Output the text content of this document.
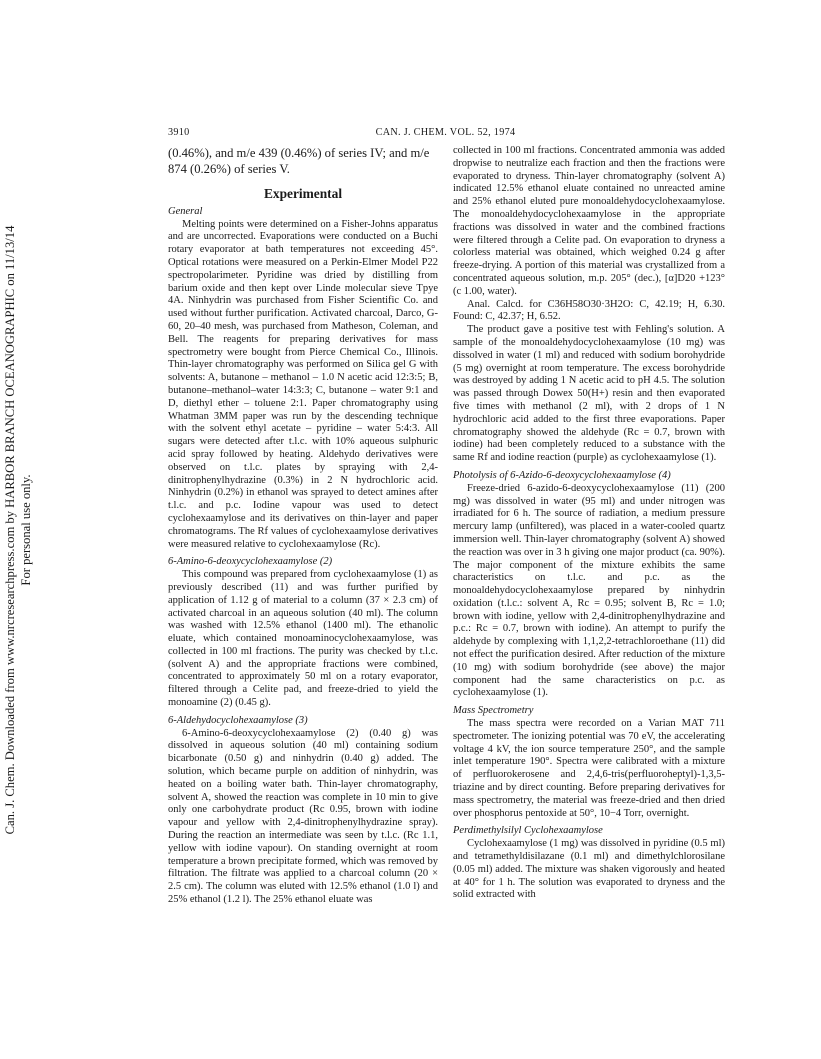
Can. J. Chem. Downloaded from www.nrcresearchpress.com by HARBOR BRANCH OCEANOGRAPHIC on 11/13/14 For personal use only.
3910	CAN. J. CHEM. VOL. 52, 1974

(0.46%), and m/e 439 (0.46%) of series IV; and m/e 874 (0.26%) of series V.

Experimental

General

Melting points were determined on a Fisher-Johns apparatus and are uncorrected. Evaporations were conducted on a Buchi rotary evaporator at bath temperatures not exceeding 45°. Optical rotations were measured on a Perkin-Elmer Model P22 spectropolarimeter. Pyridine was dried by distilling from barium oxide and then kept over Linde molecular sieve Tpye 4A. Ninhydrin was purchased from Fisher Scientific Co. and used without further purification. Activated charcoal, Darco, G-60, 20–40 mesh, was purchased from Matheson, Coleman, and Bell. The reagents for preparing derivatives for mass spectrometry were bought from Pierce Chemical Co., Illinois. Thin-layer chromatography was performed on Silica gel G with solvents: A, butanone – methanol – 1.0 N acetic acid 12:3:5; B, butanone–methanol–water 14:3:3; C, butanone – water 9:1 and D, diethyl ether – toluene 2:1. Paper chromatography using Whatman 3MM paper was run by the descending technique with the solvent ethyl acetate – pyridine – water 5:4:3. All sugars were detected after t.l.c. with 10% aqueous sulphuric acid spray followed by heating. Aldehydo derivatives were observed on t.l.c. plates by spraying with 2,4-dinitrophenylhydrazine (0.3%) in 2 N hydrochloric acid. Ninhydrin (0.2%) in ethanol was sprayed to detect amines after t.l.c. and p.c. Iodine vapour was used to detect cyclohexaamylose and its derivatives on thin-layer and paper chromatograms. The Rf values of cyclohexaamylose derivatives were measured relative to cyclohexaamylose (Rc).

6-Amino-6-deoxycyclohexaamylose (2)

This compound was prepared from cyclohexaamylose (1) as previously described (11) and was further purified by application of 1.12 g of material to a column (37 × 2.3 cm) of activated charcoal in an aqueous solution (40 ml). The column was washed with 12.5% ethanol (1400 ml). The ethanolic eluate, which contained monoaminocyclohexaamylose, was collected in 100 ml fractions. The purity was checked by t.l.c. (solvent A) and the appropriate fractions were combined, concentrated to approximately 50 ml on a rotary evaporator, filtered through a Celite pad, and freeze-dried to yield the monoamine (2) (0.45 g).

6-Aldehydocyclohexaamylose (3)

6-Amino-6-deoxycyclohexaamylose (2) (0.40 g) was dissolved in aqueous solution (40 ml) containing sodium bicarbonate (0.50 g) and ninhydrin (0.40 g) added. The solution, which became purple on addition of ninhydrin, was heated on a boiling water bath. Thin-layer chromatography, solvent A, showed the reaction was complete in 10 min to give only one carbohydrate product (Rc 0.95, brown with iodine vapour and yellow with 2,4-dinitrophenylhydrazine spray). During the reaction an intermediate was seen by t.l.c. (Rc 1.1, yellow with iodine vapour). On standing overnight at room temperature a brown precipitate formed, which was removed by filtration. The filtrate was applied to a charcoal column (20 × 2.5 cm). The column was eluted with 12.5% ethanol (1.0 l) and 25% ethanol (1.2 l). The 25% ethanol eluate was

collected in 100 ml fractions. Concentrated ammonia was added dropwise to neutralize each fraction and then the fractions were evaporated to dryness. Thin-layer chromatography (solvent A) indicated 12.5% ethanol eluate contained no unreacted amine and 25% ethanol eluted pure monoaldehydocyclohexaamylose. The monoaldehydocyclohexaamylose in the appropriate fractions was dissolved in water and the combined fractions were filtered through a Celite pad. On evaporation to dryness a colorless material was obtained, which weighed 0.24 g after freeze-drying. A portion of this material was crystallized from a concentrated aqueous solution, m.p. 205° (dec.), [α]D20 +123° (c 1.00, water).

Anal. Calcd. for C36H58O30·3H2O: C, 42.19; H, 6.30. Found: C, 42.37; H, 6.52.

The product gave a positive test with Fehling's solution. A sample of the monoaldehydocyclohexaamylose (10 mg) was dissolved in water (1 ml) and reduced with sodium borohydride (5 mg) overnight at room temperature. The excess borohydride was destroyed by adding 1 N acetic acid to pH 4.5. The solution was passed through Dowex 50(H+) resin and then evaporated five times with methanol (2 ml), with 2 drops of 1 N hydrochloric acid added to the first three evaporations. Paper chromatography showed the aldehyde (Rc = 0.7, brown with iodine) had been completely reduced to a substance with the same Rf and iodine reaction (purple) as cyclohexaamylose (1).

Photolysis of 6-Azido-6-deoxycyclohexaamylose (4)

Freeze-dried 6-azido-6-deoxycyclohexaamylose (11) (200 mg) was dissolved in water (95 ml) and under nitrogen was irradiated for 6 h. The source of radiation, a medium pressure mercury lamp (unfiltered), was placed in a water-cooled quartz immersion well. Thin-layer chromatography (solvent A) showed the reaction was over in 3 h giving one major product (ca. 90%). The major component of the mixture exhibits the same characteristics on t.l.c. and p.c. as the monoaldehydocyclohexaamylose prepared by ninhydrin oxidation (t.l.c.: solvent A, Rc = 0.95; solvent B, Rc = 1.0; brown with iodine, yellow with 2,4-dinitrophenylhydrazine and p.c.: Rc = 0.7, brown with iodine). An attempt to purify the aldehyde by complexing with 1,1,2,2-tetrachloroethane (11) did not effect the purification desired. After reduction of the mixture (10 mg) with sodium borohydride (see above) the major component had the same characteristics on p.c. as cyclohexaamylose (1).

Mass Spectrometry

The mass spectra were recorded on a Varian MAT 711 spectrometer. The ionizing potential was 70 eV, the accelerating voltage 4 kV, the ion source temperature 250°, and the sample inlet temperature 190°. Spectra were calibrated with a mixture of perfluorokerosene and 2,4,6-tris(perfluoroheptyl)-1,3,5-triazine and by direct counting. Before preparing derivatives for mass spectrometry, the material was freeze-dried and then dried over phosphorus pentoxide at 50°, 10−4 Torr, overnight.

Perdimethylsilyl Cyclohexaamylose

Cyclohexaamylose (1 mg) was dissolved in pyridine (0.5 ml) and tetramethyldisilazane (0.1 ml) and dimethylchlorosilane (0.05 ml) added. The mixture was shaken vigorously and heated at 40° for 1 h. The solution was evaporated to dryness and the solid extracted with
